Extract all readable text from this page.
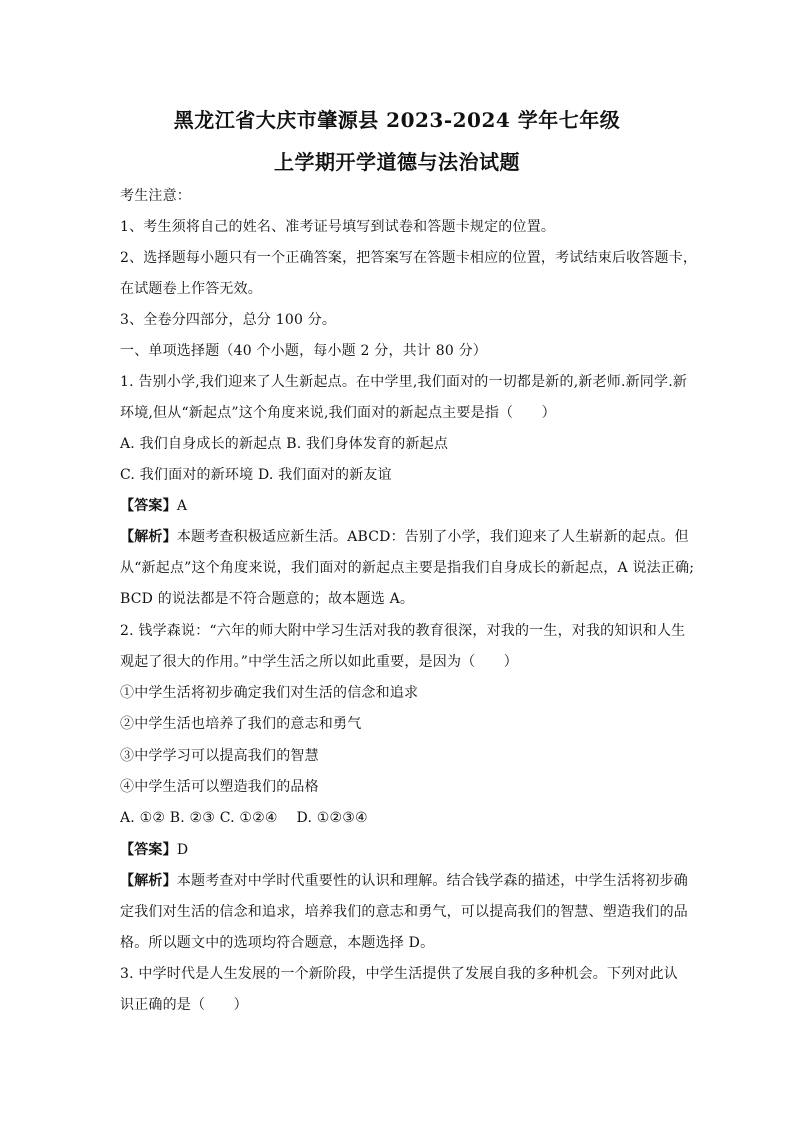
黑龙江省大庆市肇源县 2023-2024 学年七年级
上学期开学道德与法治试题
考生注意：
1、考生须将自己的姓名、准考证号填写到试卷和答题卡规定的位置。
2、选择题每小题只有一个正确答案，把答案写在答题卡相应的位置，考试结束后收答题卡，
在试题卷上作答无效。
3、全卷分四部分，总分 100 分。
一、单项选择题（40 个小题，每小题 2 分，共计 80 分）
1. 告别小学,我们迎来了人生新起点。在中学里,我们面对的一切都是新的,新老师.新同学.新
环境,但从“新起点”这个角度来说,我们面对的新起点主要是指（　　）
A. 我们自身成长的新起点 B. 我们身体发育的新起点
C. 我们面对的新环境 D. 我们面对的新友谊
【答案】A
【解析】本题考查积极适应新生活。ABCD：告别了小学，我们迎来了人生崭新的起点。但
从“新起点”这个角度来说，我们面对的新起点主要是指我们自身成长的新起点，A 说法正确;
BCD 的说法都是不符合题意的；故本题选 A。
2. 钱学森说：“六年的师大附中学习生活对我的教育很深，对我的一生，对我的知识和人生
观起了很大的作用。”中学生活之所以如此重要，是因为（　　）
①中学生活将初步确定我们对生活的信念和追求
②中学生活也培养了我们的意志和勇气
③中学学习可以提高我们的智慧
④中学生活可以塑造我们的品格
A. ①② B. ②③ C. ①②④ 　D. ①②③④
【答案】D
【解析】本题考查对中学时代重要性的认识和理解。结合钱学森的描述，中学生活将初步确
定我们对生活的信念和追求，培养我们的意志和勇气，可以提高我们的智慧、塑造我们的品
格。所以题文中的选项均符合题意，本题选择 D。
3. 中学时代是人生发展的一个新阶段，中学生活提供了发展自我的多种机会。下列对此认
识正确的是（　　）
